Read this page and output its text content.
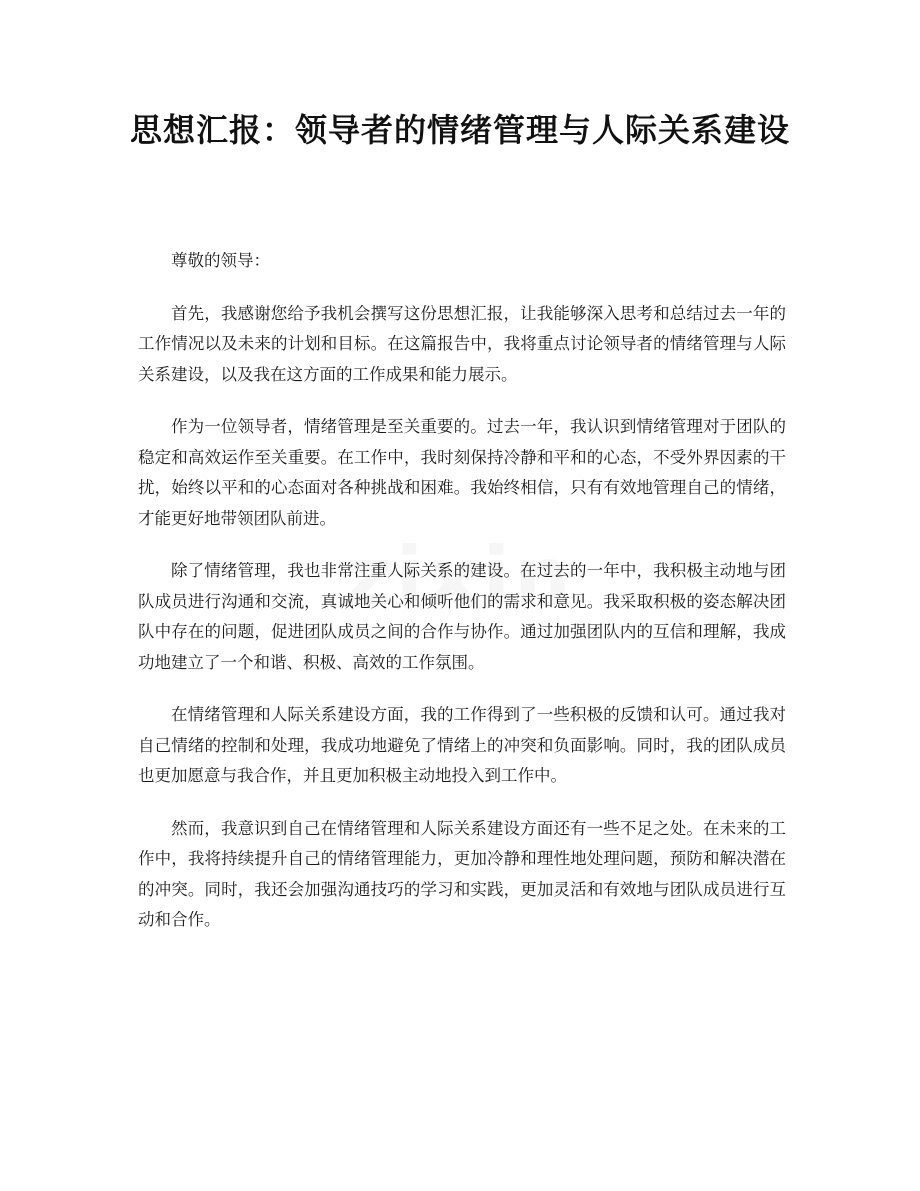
思想汇报：领导者的情绪管理与人际关系建设

尊敬的领导：

首先，我感谢您给予我机会撰写这份思想汇报，让我能够深入思考和总结过去一年的工作情况以及未来的计划和目标。在这篇报告中，我将重点讨论领导者的情绪管理与人际关系建设，以及我在这方面的工作成果和能力展示。

作为一位领导者，情绪管理是至关重要的。过去一年，我认识到情绪管理对于团队的稳定和高效运作至关重要。在工作中，我时刻保持冷静和平和的心态，不受外界因素的干扰，始终以平和的心态面对各种挑战和困难。我始终相信，只有有效地管理自己的情绪，才能更好地带领团队前进。

除了情绪管理，我也非常注重人际关系的建设。在过去的一年中，我积极主动地与团队成员进行沟通和交流，真诚地关心和倾听他们的需求和意见。我采取积极的姿态解决团队中存在的问题，促进团队成员之间的合作与协作。通过加强团队内的互信和理解，我成功地建立了一个和谐、积极、高效的工作氛围。

在情绪管理和人际关系建设方面，我的工作得到了一些积极的反馈和认可。通过我对自己情绪的控制和处理，我成功地避免了情绪上的冲突和负面影响。同时，我的团队成员也更加愿意与我合作，并且更加积极主动地投入到工作中。

然而，我意识到自己在情绪管理和人际关系建设方面还有一些不足之处。在未来的工作中，我将持续提升自己的情绪管理能力，更加冷静和理性地处理问题，预防和解决潜在的冲突。同时，我还会加强沟通技巧的学习和实践，更加灵活和有效地与团队成员进行互动和合作。
